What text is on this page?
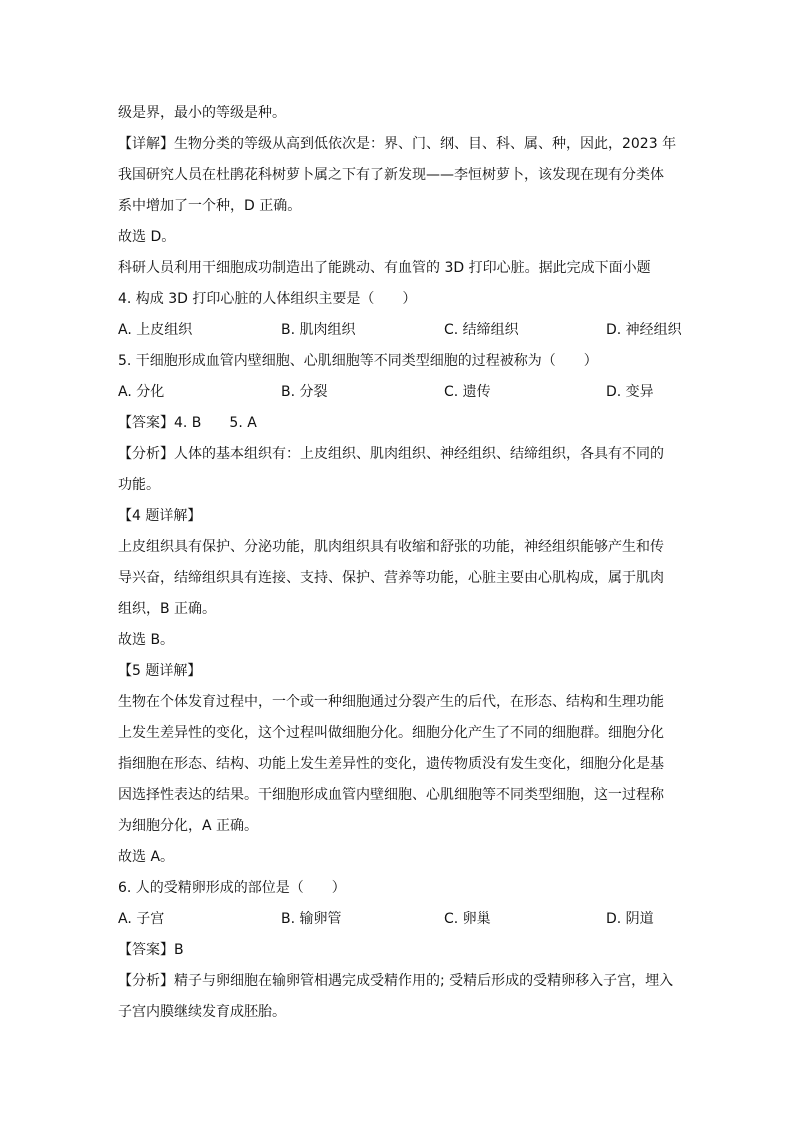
级是界，最小的等级是种。
【详解】生物分类的等级从高到低依次是：界、门、纲、目、科、属、种，因此，2023 年
我国研究人员在杜鹃花科树萝卜属之下有了新发现——李恒树萝卜，该发现在现有分类体
系中增加了一个种，D 正确。
故选 D。
科研人员利用干细胞成功制造出了能跳动、有血管的 3D 打印心脏。据此完成下面小题
4. 构成 3D 打印心脏的人体组织主要是（　　）
A. 上皮组织	B. 肌肉组织	C. 结缔组织	D. 神经组织
5. 干细胞形成血管内壁细胞、心肌细胞等不同类型细胞的过程被称为（　　）
A. 分化	B. 分裂	C. 遗传	D. 变异
【答案】4. B　　5. A
【分析】人体的基本组织有：上皮组织、肌肉组织、神经组织、结缔组织，各具有不同的
功能。
【4 题详解】
上皮组织具有保护、分泌功能，肌肉组织具有收缩和舒张的功能，神经组织能够产生和传
导兴奋，结缔组织具有连接、支持、保护、营养等功能，心脏主要由心肌构成，属于肌肉
组织，B 正确。
故选 B。
【5 题详解】
生物在个体发育过程中，一个或一种细胞通过分裂产生的后代，在形态、结构和生理功能
上发生差异性的变化，这个过程叫做细胞分化。细胞分化产生了不同的细胞群。细胞分化
指细胞在形态、结构、功能上发生差异性的变化，遗传物质没有发生变化，细胞分化是基
因选择性表达的结果。干细胞形成血管内壁细胞、心肌细胞等不同类型细胞，这一过程称
为细胞分化，A 正确。
故选 A。
6. 人的受精卵形成的部位是（　　）
A. 子宫	B. 输卵管	C. 卵巢	D. 阴道
【答案】B
【分析】精子与卵细胞在输卵管相遇完成受精作用的; 受精后形成的受精卵移入子宫，埋入
子宫内膜继续发育成胚胎。
